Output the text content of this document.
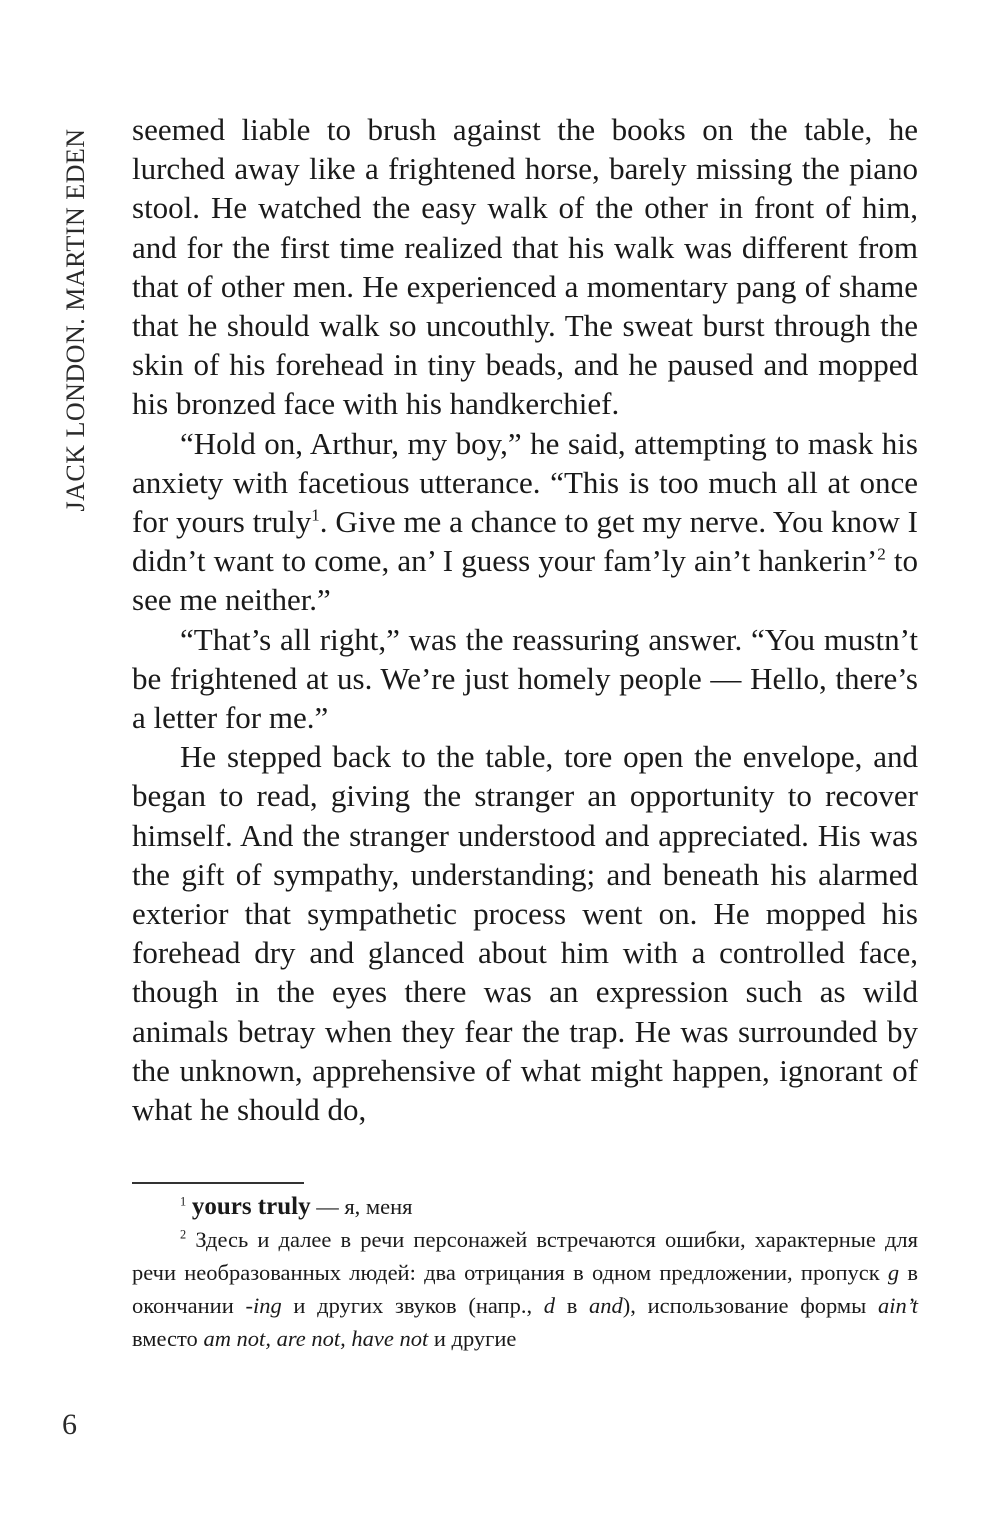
JACK LONDON. MARTIN EDEN seemed liable to brush against the books on the table, he lurched away like a frightened horse, barely missing the piano stool. He watched the easy walk of the other in front of him, and for the first time realized that his walk was different from that of other men. He experienced a momentary pang of shame that he should walk so uncouthly. The sweat burst through the skin of his forehead in tiny beads, and he paused and mopped his bronzed face with his handkerchief.

“Hold on, Arthur, my boy,” he said, attempting to mask his anxiety with facetious utterance. “This is too much all at once for yours truly$^1$. Give me a chance to get my nerve. You know I didn’t want to come, an’ I guess your fam’ly ain’t hankerin’$^2$ to see me neither.”

“That’s all right,” was the reassuring answer. “You mustn’t be frightened at us. We’re just homely people — Hello, there’s a letter for me.”

He stepped back to the table, tore open the envelope, and began to read, giving the stranger an opportunity to recover himself. And the stranger understood and appreciated. His was the gift of sympathy, understanding; and beneath his alarmed exterior that sympathetic process went on. He mopped his forehead dry and glanced about him with a controlled face, though in the eyes there was an expression such as wild animals betray when they fear the trap. He was surrounded by the unknown, apprehensive of what might happen, ignorant of what he should do,

$^1$ yours truly — я, меня

$^2$ Здесь и далее в речи персонажей встречаются ошибки, характерные для речи необразованных людей: два отрицания в одном предложении, пропуск g в окончании -ing и других звуков (напр., d в and), использование формы ain’t вместо am not, are not, have not и другие

6
